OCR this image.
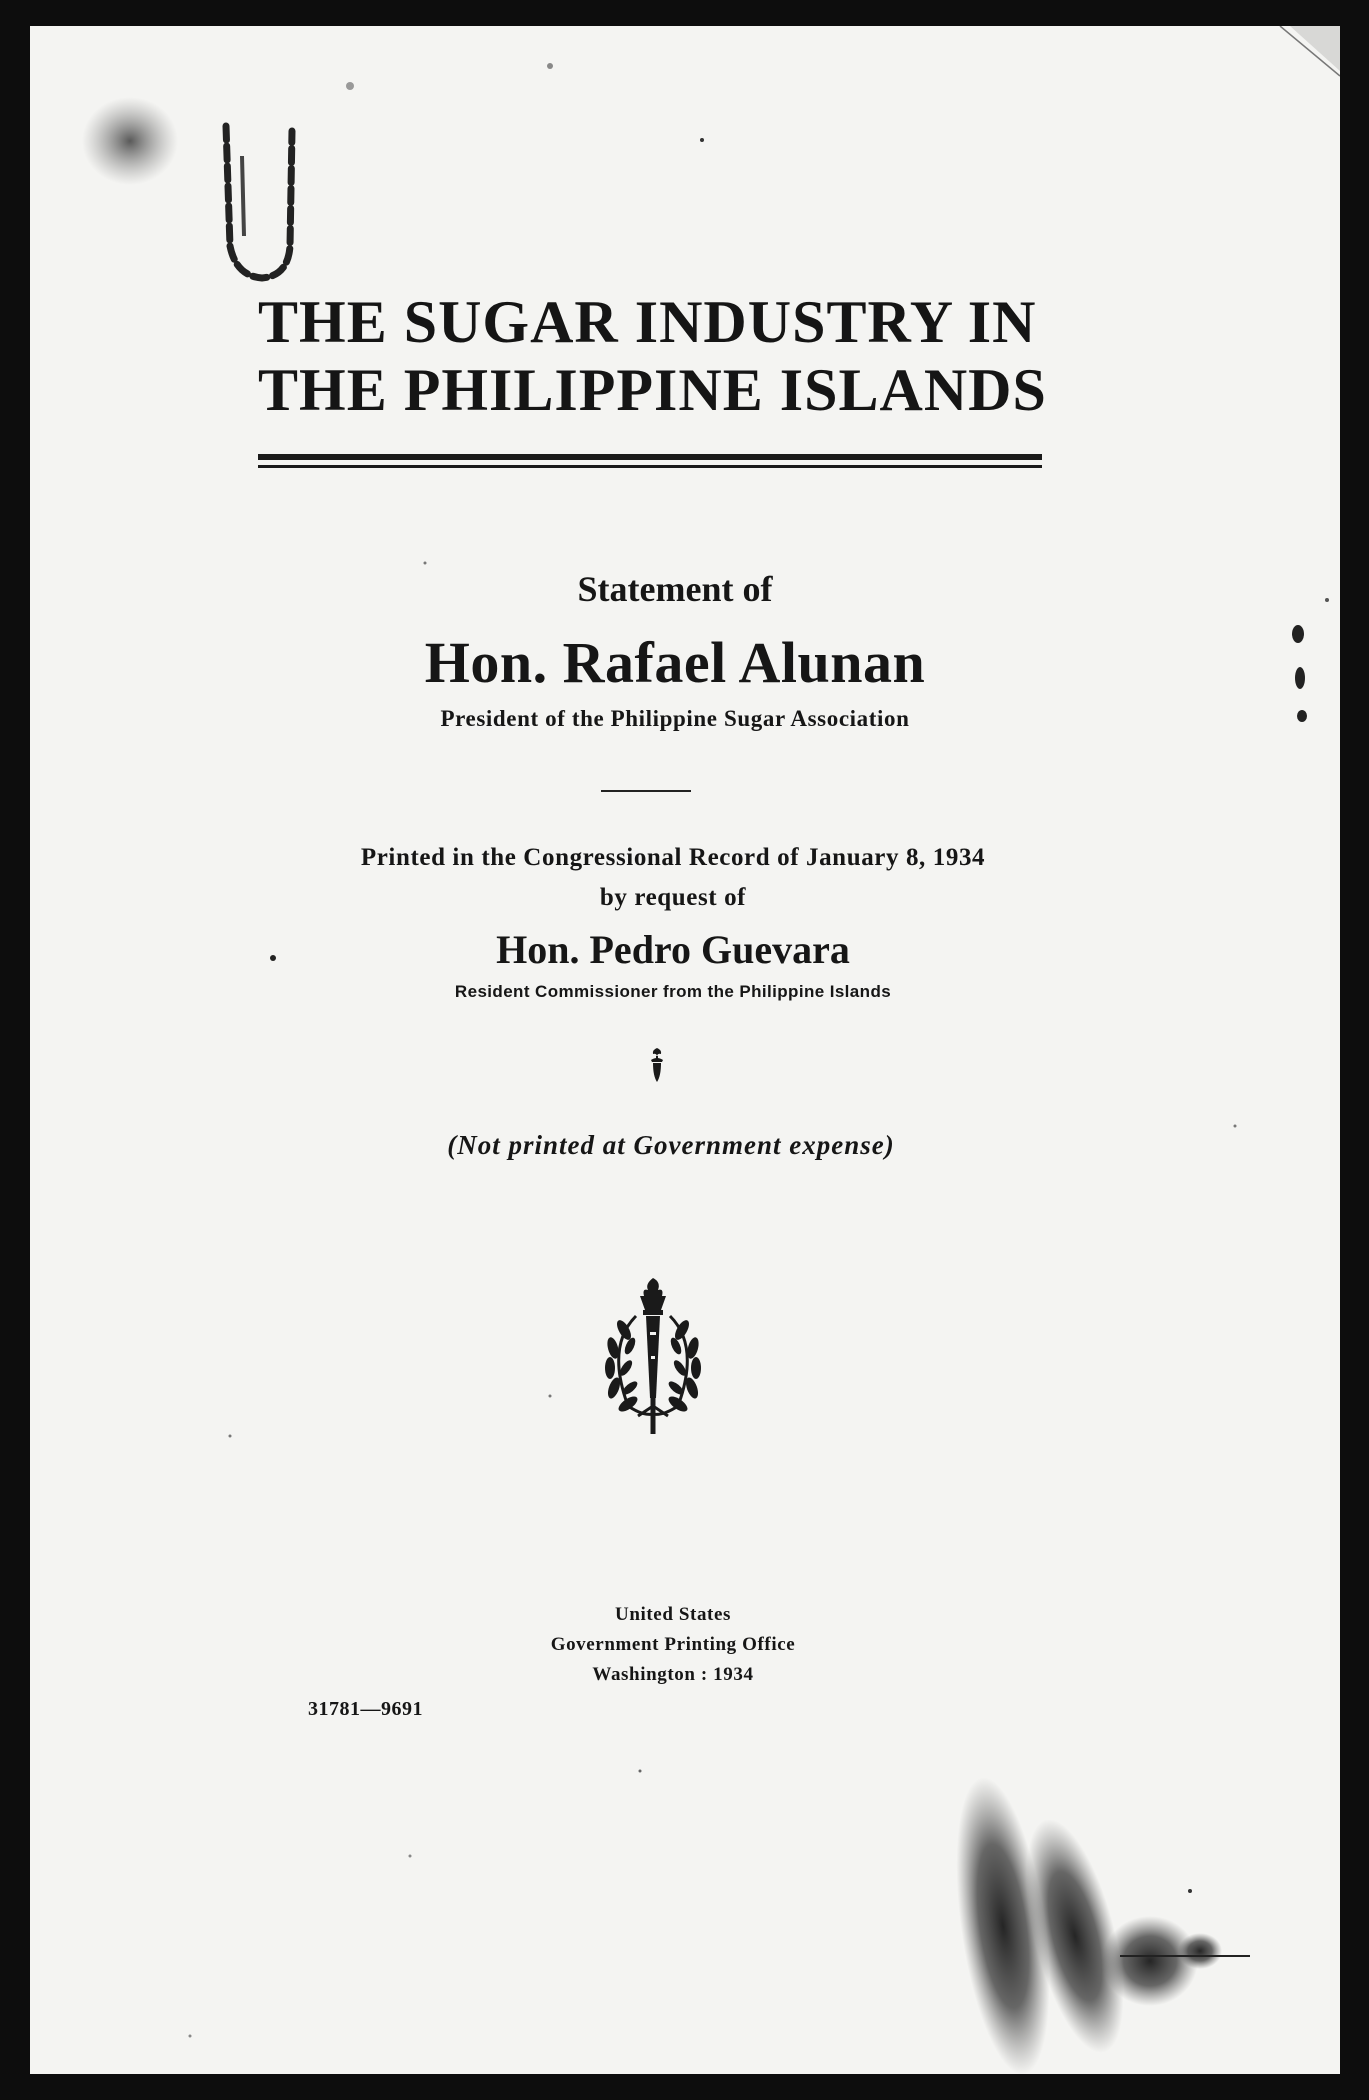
THE SUGAR INDUSTRY IN
THE PHILIPPINE ISLANDS
Statement of
Hon. Rafael Alunan
President of the Philippine Sugar Association
Printed in the Congressional Record of January 8, 1934
by request of
Hon. Pedro Guevara
Resident Commissioner from the Philippine Islands
(Not printed at Government expense)
United States
Government Printing Office
Washington : 1934
31781—9691
